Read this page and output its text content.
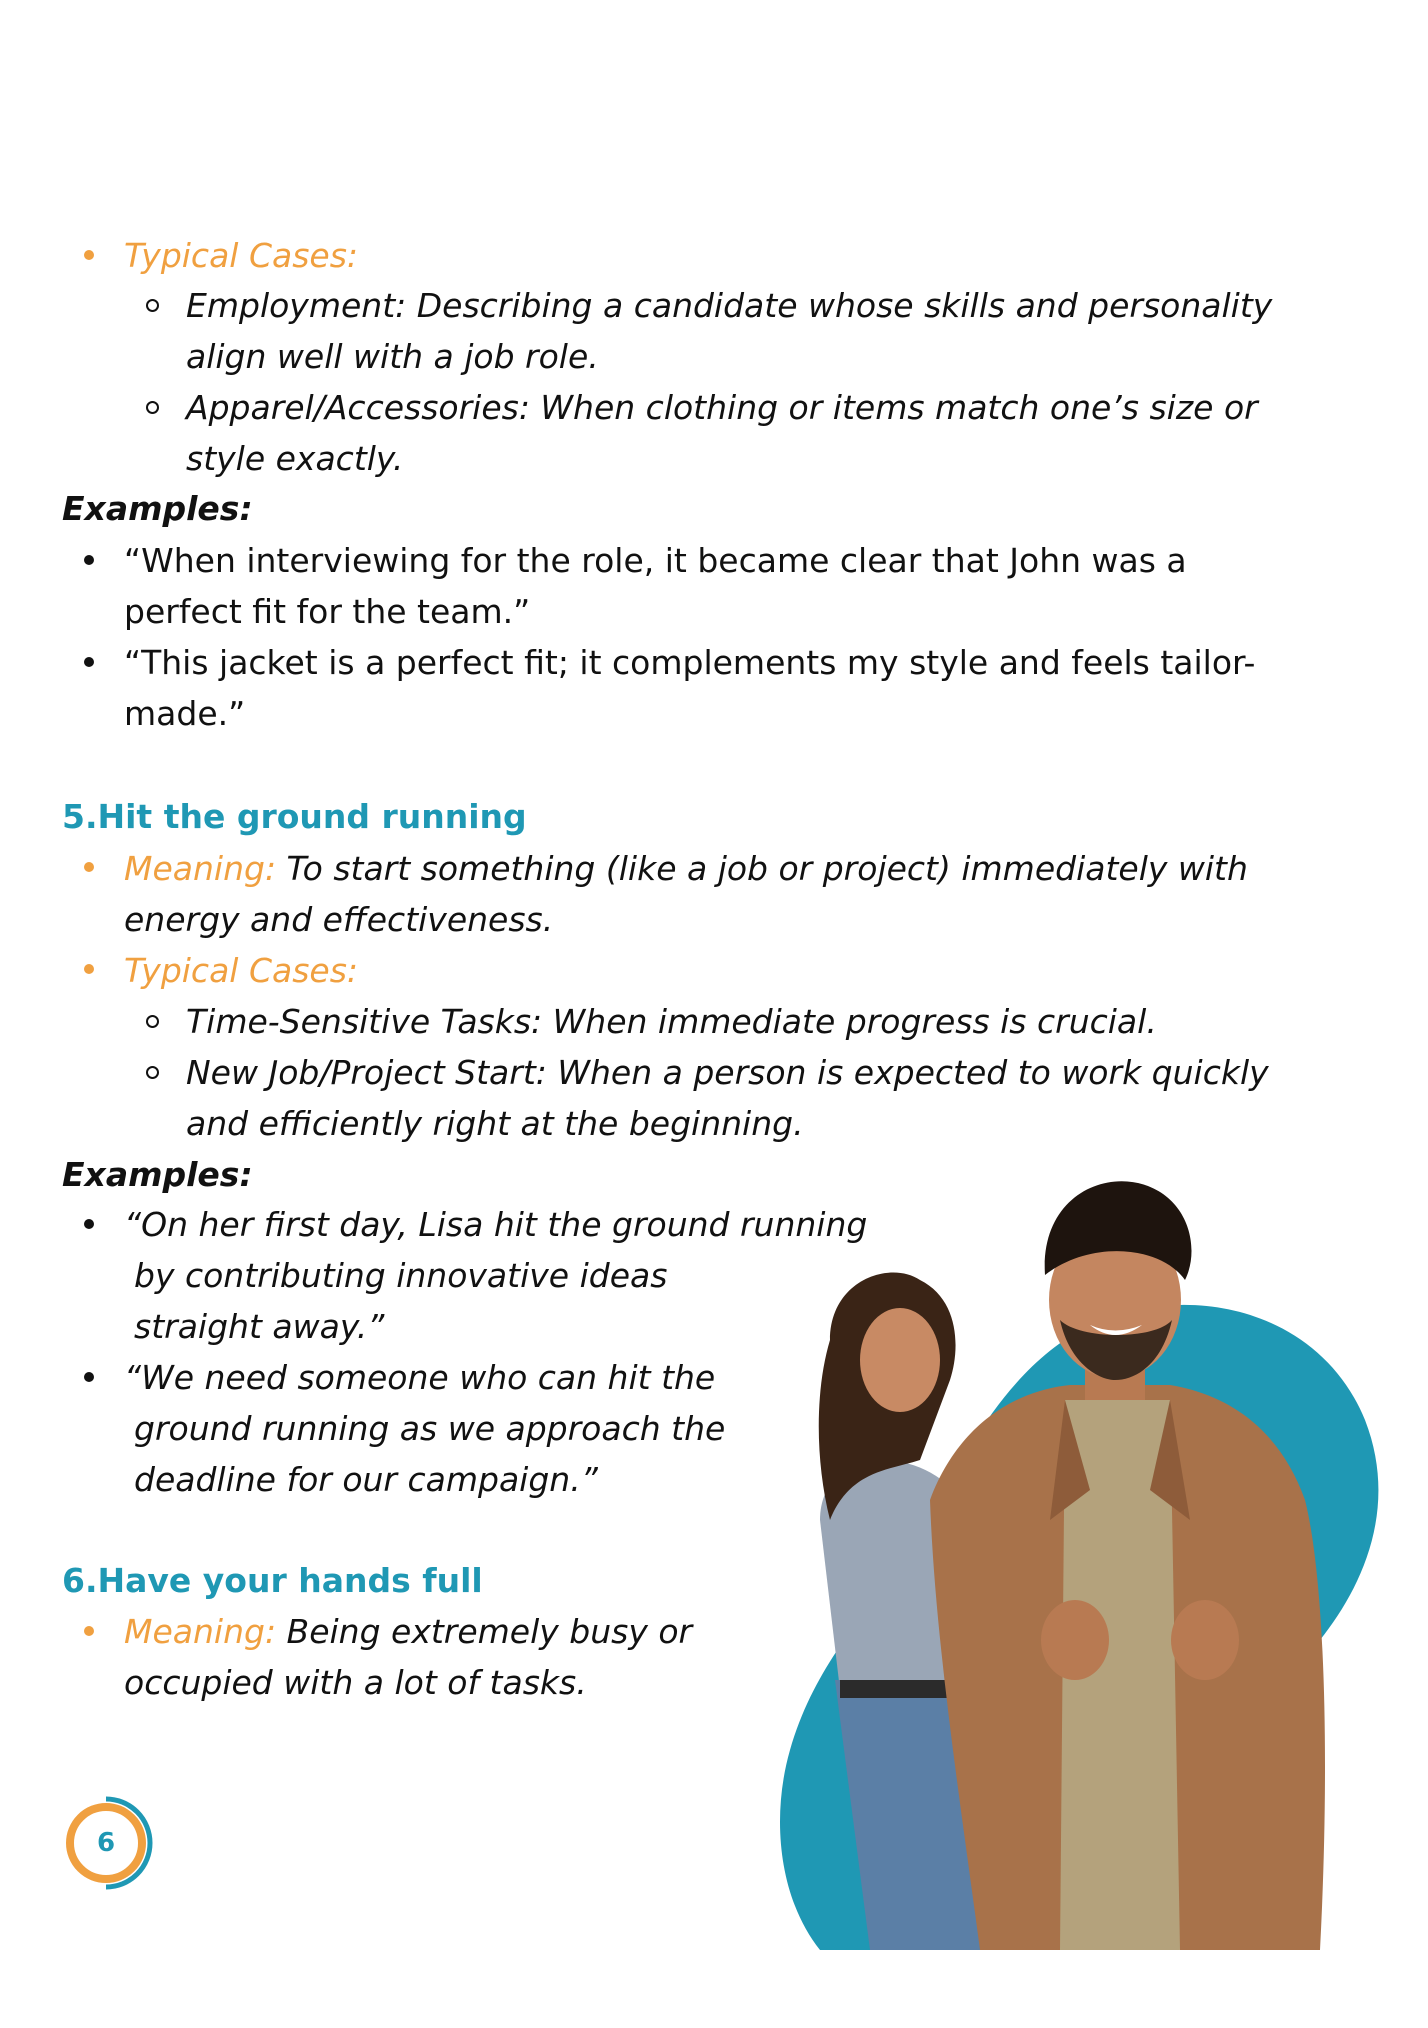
Typical Cases:
Employment: Describing a candidate whose skills and personality
align well with a job role.
Apparel/Accessories: When clothing or items match one’s size or
style exactly.
Examples:
“When interviewing for the role, it became clear that John was a
perfect fit for the team.”
“This jacket is a perfect fit; it complements my style and feels tailor-
made.”
5.Hit the ground running
Meaning: To start something (like a job or project) immediately with
energy and effectiveness.
Typical Cases:
Time-Sensitive Tasks: When immediate progress is crucial.
New Job/Project Start: When a person is expected to work quickly
and efficiently right at the beginning.
Examples:
“On her first day, Lisa hit the ground running
by contributing innovative ideas
straight away.”
“We need someone who can hit the
ground running as we approach the
deadline for our campaign.”
6.Have your hands full
Meaning: Being extremely busy or
occupied with a lot of tasks.
6
